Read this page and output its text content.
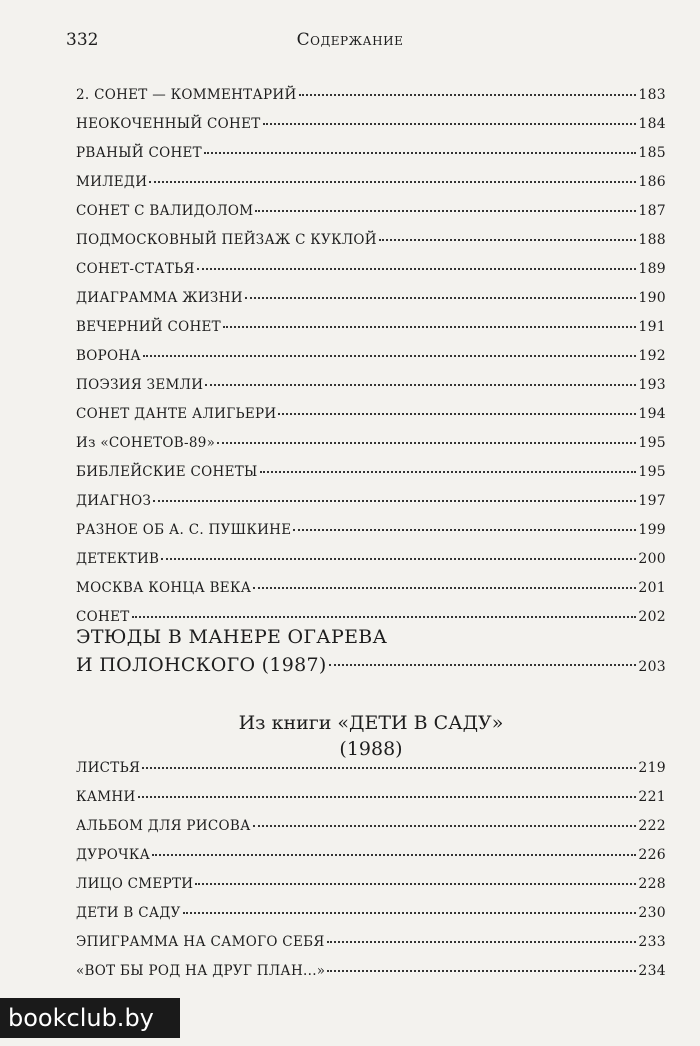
332	Содержание
2. СОНЕТ — КОММЕНТАРИЙ	183
НЕОКОЧЕННЫЙ СОНЕТ	184
РВАНЫЙ СОНЕТ	185
МИЛЕДИ	186
СОНЕТ С ВАЛИДОЛОМ	187
ПОДМОСКОВНЫЙ ПЕЙЗАЖ С КУКЛОЙ	188
СОНЕТ-СТАТЬЯ	189
ДИАГРАММА ЖИЗНИ	190
ВЕЧЕРНИЙ СОНЕТ	191
ВОРОНА	192
ПОЭЗИЯ ЗЕМЛИ	193
СОНЕТ ДАНТЕ АЛИГЬЕРИ	194
Из «СОНЕТОВ-89»	195
БИБЛЕЙСКИЕ СОНЕТЫ	195
ДИАГНОЗ	197
РАЗНОЕ ОБ А. С. ПУШКИНЕ	199
ДЕТЕКТИВ	200
МОСКВА КОНЦА ВЕКА	201
СОНЕТ	202
ЭТЮДЫ В МАНЕРЕ ОГАРЕВА
И ПОЛОНСКОГО (1987)	203
Из книги «ДЕТИ В САДУ»
(1988)
ЛИСТЬЯ	219
КАМНИ	221
АЛЬБОМ ДЛЯ РИСОВА	222
ДУРОЧКА	226
ЛИЦО СМЕРТИ	228
ДЕТИ В САДУ	230
ЭПИГРАММА НА САМОГО СЕБЯ	233
«ВОТ БЫ РОД НА ДРУГ ПЛАН...»	234
bookclub.by
